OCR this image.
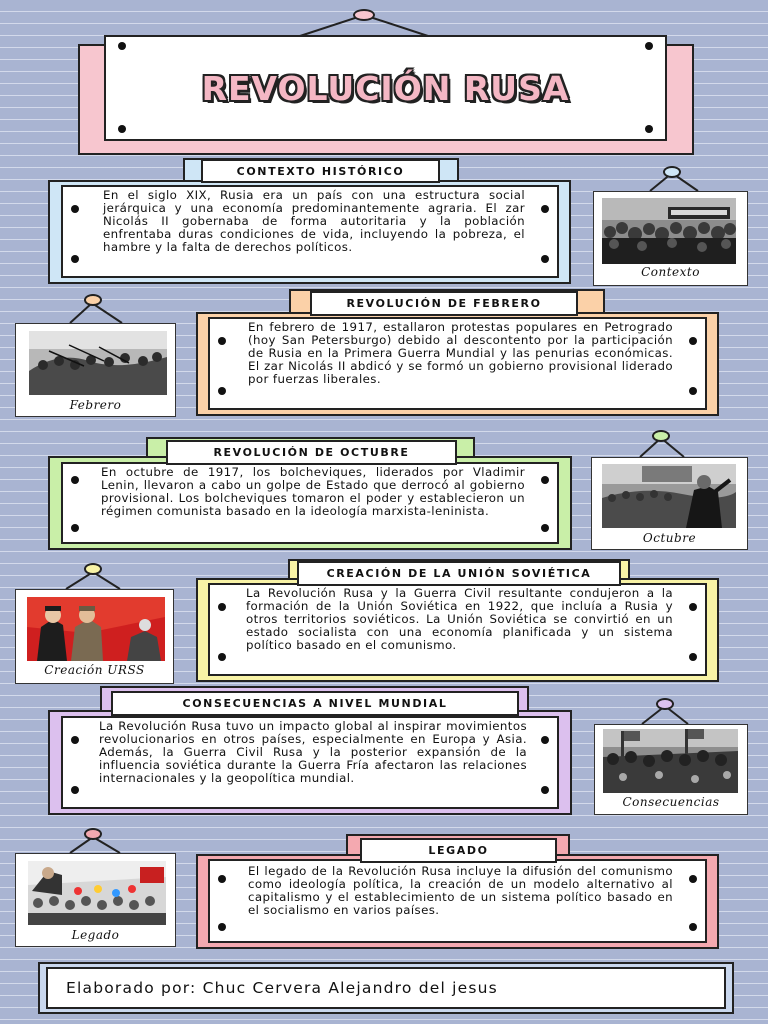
REVOLUCIÓN RUSA
En el siglo XIX, Rusia era un país con una estructura social jerárquica y una economía predominantemente agraria. El zar Nicolás II gobernaba de forma autoritaria y la población enfrentaba duras condiciones de vida, incluyendo la pobreza, el hambre y la falta de derechos políticos.
CONTEXTO HISTÓRICO
Contexto
Febrero
En febrero de 1917, estallaron protestas populares en Petrogrado (hoy San Petersburgo) debido al descontento por la participación de Rusia en la Primera Guerra Mundial y las penurias económicas. El zar Nicolás II abdicó y se formó un gobierno provisional liderado por fuerzas liberales.
REVOLUCIÓN DE FEBRERO
En octubre de 1917, los bolcheviques, liderados por Vladimir Lenin, llevaron a cabo un golpe de Estado que derrocó al gobierno provisional. Los bolcheviques tomaron el poder y establecieron un régimen comunista basado en la ideología marxista-leninista.
REVOLUCIÓN DE OCTUBRE
Octubre
Creación URSS
La Revolución Rusa y la Guerra Civil resultante condujeron a la formación de la Unión Soviética en 1922, que incluía a Rusia y otros territorios soviéticos. La Unión Soviética se convirtió en un estado socialista con una economía planificada y un sistema político basado en el comunismo.
CREACIÓN DE LA UNIÓN SOVIÉTICA
La Revolución Rusa tuvo un impacto global al inspirar movimientos revolucionarios en otros países, especialmente en Europa y Asia. Además, la Guerra Civil Rusa y la posterior expansión de la influencia soviética durante la Guerra Fría afectaron las relaciones internacionales y la geopolítica mundial.
CONSECUENCIAS A NIVEL MUNDIAL
Consecuencias
Legado
El legado de la Revolución Rusa incluye la difusión del comunismo como ideología política, la creación de un modelo alternativo al capitalismo y el establecimiento de un sistema político basado en el socialismo en varios países.
LEGADO
Elaborado por: Chuc Cervera Alejandro del jesus
